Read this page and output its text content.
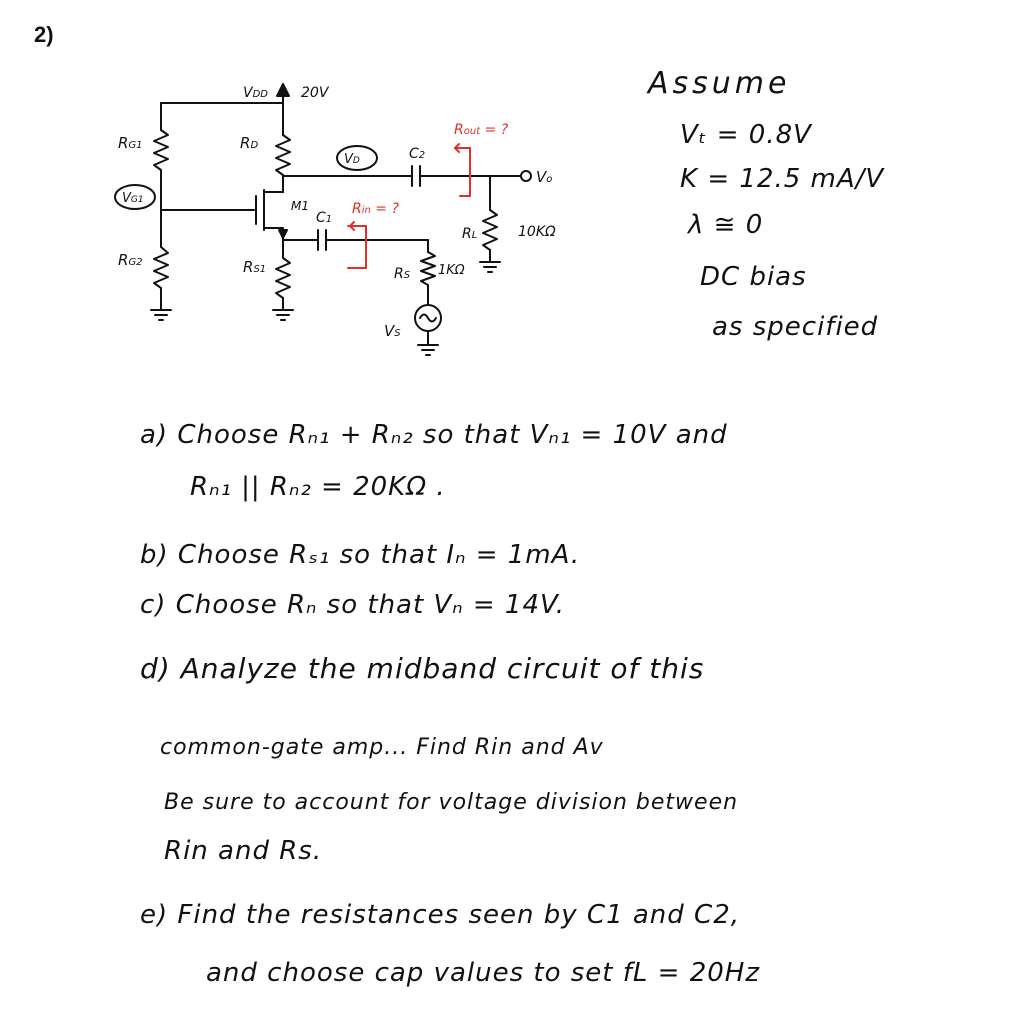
2)
VDD 20V
RG1
RG2
VG1
RD
VD
M1
RS1
C1
C2
RL	10KΩ
RS 1KΩ
VS
Vo
Rout = ?
Rin = ?
Assume
Vₜ = 0.8V
K = 12.5 mA/V
λ ≅ 0
DC bias
as specified
a) Choose Rₙ₁ + Rₙ₂ so that Vₙ₁ = 10V and
Rₙ₁ || Rₙ₂ = 20KΩ .
b) Choose Rₛ₁ so that Iₙ = 1mA.
c) Choose Rₙ so that Vₙ = 14V.
d) Analyze the midband circuit of this
common-gate amp... Find Rin and Av
Be sure to account for voltage division between
Rin and Rs.
e) Find the resistances seen by C1 and C2,
and choose cap values to set fL = 20Hz
